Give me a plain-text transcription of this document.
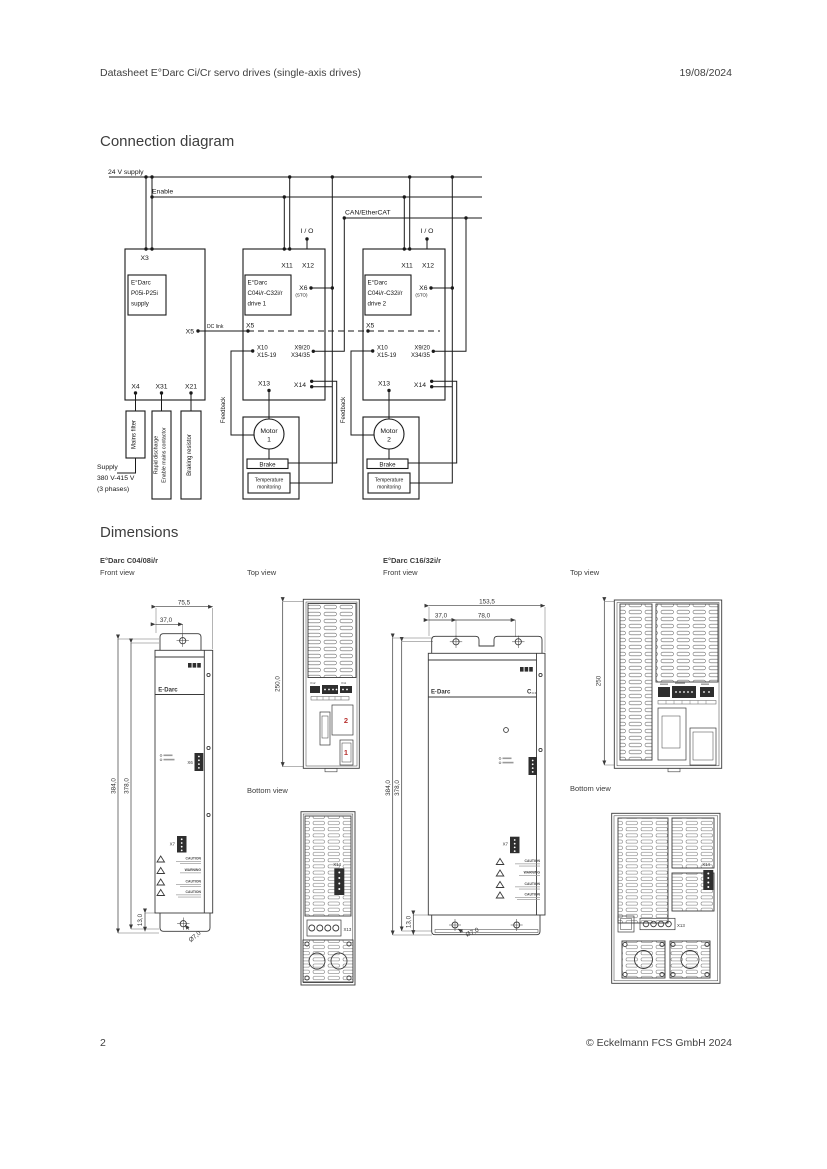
Datasheet E°Darc Ci/Cr servo drives (single-axis drives)	19/08/2024
Connection diagram
24 V supply
Enable
CAN/EtherCAT
I / O	I / O
X3
X11 X12	X11 X12
E°Darc
P05i-P25i
supply
E°Darc
C04i/r-C32i/r
drive 1
E°Darc
C04i/r-C32i/r
drive 2
X6
(STO)
X6
(STO)
X5
DC link	X5	X5
X10
X15-19
X10
X15-19
X9/20
X34/35
X9/20
X34/35
X13	X13
X14	X14
X4 X31	X21
Feedback	Feedback
Motor
1
Motor
2
Brake	Brake
Temperature
monitoring
Temperature
monitoring
Mains filter
Rapid discharge Enable mains contactor	Braking resistor
Supply
380 V-415 V
(3 phases)
Dimensions
E°Darc C04/08i/r
Front view	Top view
E°Darc C16/32i/r
Front view	Top view
Bottom view	Bottom view
CAUTION
WARNING
CAUTION
CAUTION
75,5
37,0
384,0 378,0
13,0
Ø7,0
E·Darc
X6
X7
250,0	X12	X11
2
1
CAUTION
WARNING
CAUTION
CAUTION
153,5
37,0	78,0
384,0 378,0
13,0
Ø7,0
E·Darc	C...
X7
250
X14
X13
X14
X13
2	© Eckelmann FCS GmbH 2024
